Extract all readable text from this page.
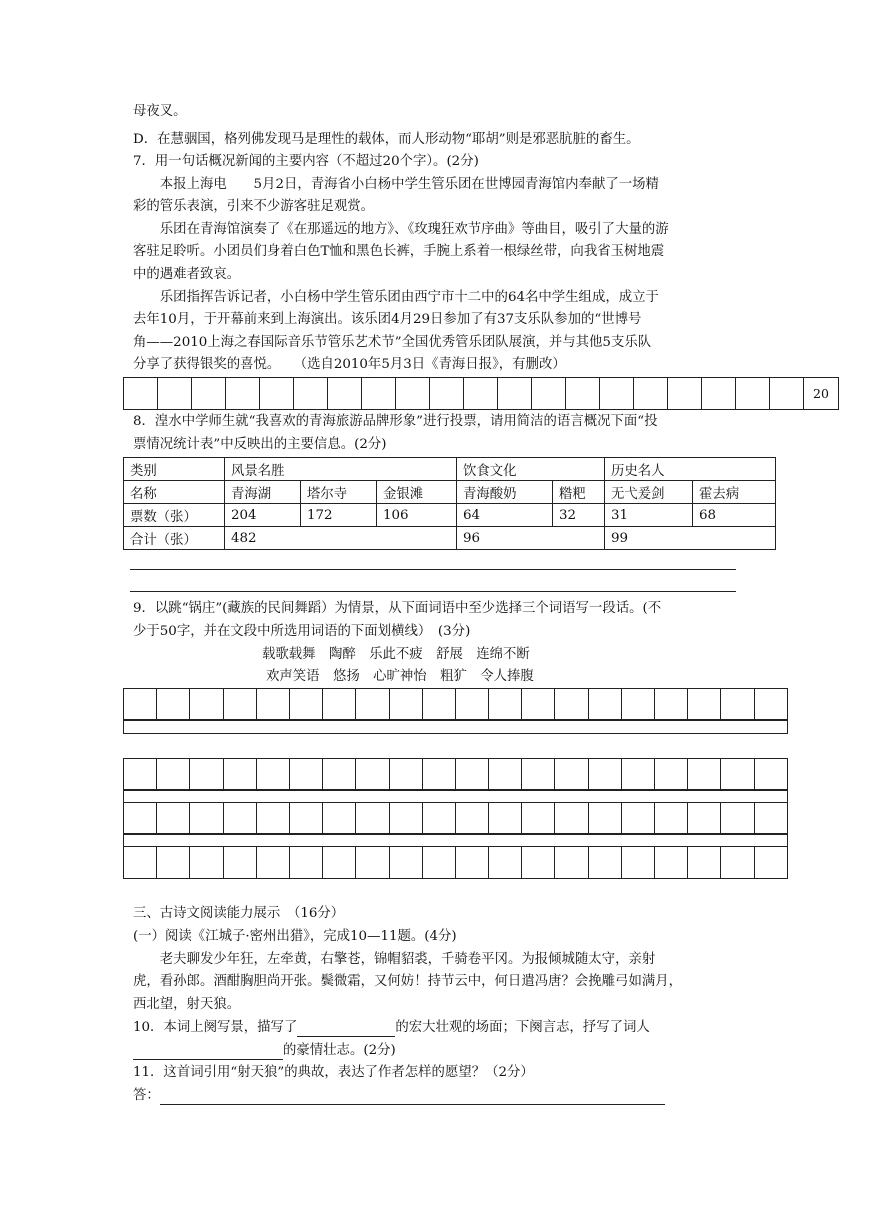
母夜叉。
D．在慧骃国，格列佛发现马是理性的载体，而人形动物“耶胡”则是邪恶肮脏的畜生。
7．用一句话概况新闻的主要内容（不超过20个字）。(2分)
本报上海电　　5月2日，青海省小白杨中学生管乐团在世博园青海馆内奉献了一场精
彩的管乐表演，引来不少游客驻足观赏。
乐团在青海馆演奏了《在那遥远的地方》、《玫瑰狂欢节序曲》等曲目，吸引了大量的游
客驻足聆听。小团员们身着白色T恤和黑色长裤，手腕上系着一根绿丝带，向我省玉树地震
中的遇难者致哀。
乐团指挥告诉记者，小白杨中学生管乐团由西宁市十二中的64名中学生组成，成立于
去年10月，于开幕前来到上海演出。该乐团4月29日参加了有37支乐队参加的“世博号
角——2010上海之春国际音乐节管乐艺术节”全国优秀管乐团队展演，并与其他5支乐队
分享了获得银奖的喜悦。　　（选自2010年5月3日《青海日报》，有删改）
																				20
8．湟水中学师生就“我喜欢的青海旅游品牌形象”进行投票，请用简洁的语言概况下面“投
票情况统计表”中反映出的主要信息。(2分)
类别	风景名胜			饮食文化		历史名人	
名称	青海湖	塔尔寺	金银滩	青海酸奶	糌粑	无弋爰剑	霍去病
票数（张）	204	172	106	64	32	31	68
合计（张）	482			96		99	
9．以跳“锅庄”(藏族的民间舞蹈）为情景，从下面词语中至少选择三个词语写一段话。(不
少于50字，并在文段中所选用词语的下面划横线）　(3分)
载歌载舞　陶醉　乐此不疲　舒展　连绵不断
欢声笑语　悠扬　心旷神怡　粗犷　令人捧腹

三、古诗文阅读能力展示　（16分）
(一）阅读《江城子·密州出猎》，完成10—11题。(4分)
老夫聊发少年狂，左牵黄，右擎苍，锦帽貂裘，千骑卷平冈。为报倾城随太守，亲射
虎，看孙郎。酒酣胸胆尚开张。鬓微霜，又何妨！持节云中，何日遣冯唐？会挽雕弓如满月，
西北望，射天狼。
10．本词上阕写景，描写了	的宏大壮观的场面；下阕言志，抒写了词人
的豪情壮志。(2分)
11．这首词引用“射天狼”的典故，表达了作者怎样的愿望？（2分）
答：
